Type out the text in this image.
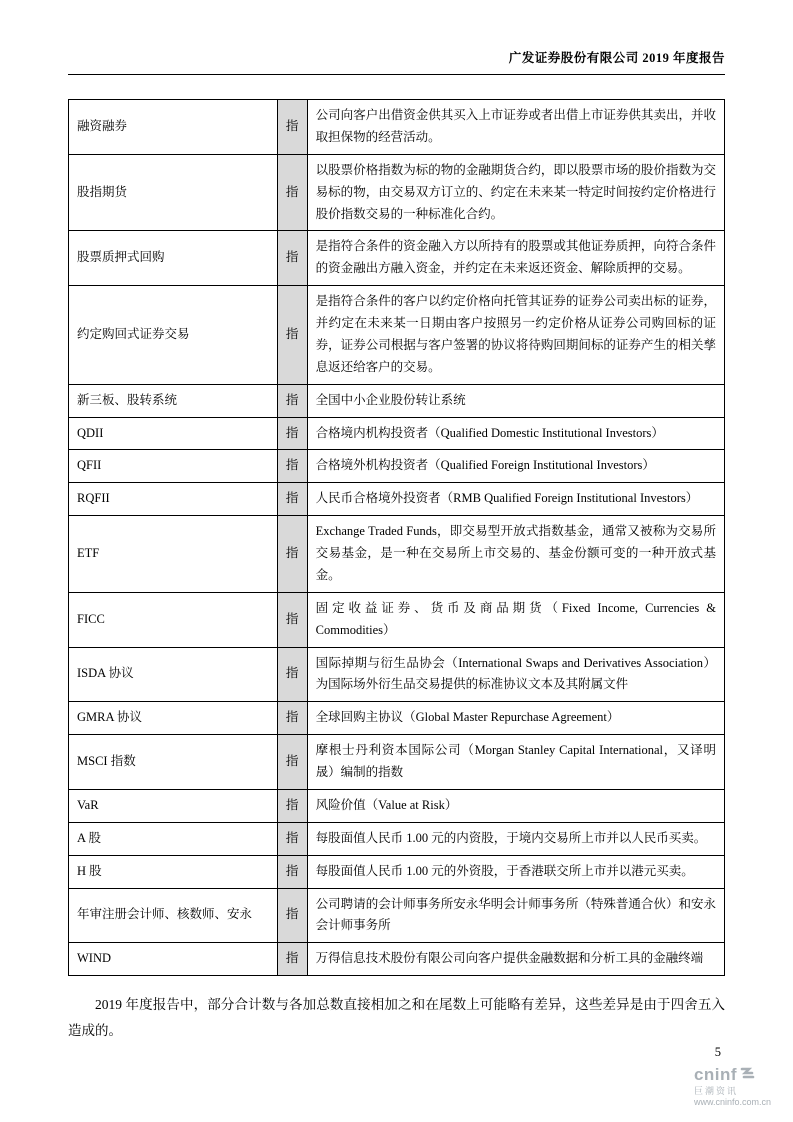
广发证券股份有限公司 2019 年度报告
融资融券	指	公司向客户出借资金供其买入上市证券或者出借上市证券供其卖出，并收取担保物的经营活动。
股指期货	指	以股票价格指数为标的物的金融期货合约，即以股票市场的股价指数为交易标的物，由交易双方订立的、约定在未来某一特定时间按约定价格进行股价指数交易的一种标准化合约。
股票质押式回购	指	是指符合条件的资金融入方以所持有的股票或其他证券质押，向符合条件的资金融出方融入资金，并约定在未来返还资金、解除质押的交易。
约定购回式证券交易	指	是指符合条件的客户以约定价格向托管其证券的证券公司卖出标的证券，并约定在未来某一日期由客户按照另一约定价格从证券公司购回标的证券，证券公司根据与客户签署的协议将待购回期间标的证券产生的相关孳息返还给客户的交易。
新三板、股转系统	指	全国中小企业股份转让系统
QDII	指	合格境内机构投资者（Qualified Domestic Institutional Investors）
QFII	指	合格境外机构投资者（Qualified Foreign Institutional Investors）
RQFII	指	人民币合格境外投资者（RMB Qualified Foreign Institutional Investors）
ETF	指	Exchange Traded Funds，即交易型开放式指数基金，通常又被称为交易所交易基金，是一种在交易所上市交易的、基金份额可变的一种开放式基金。
FICC	指	固定收益证券、货币及商品期货（Fixed Income, Currencies & Commodities）
ISDA 协议	指	国际掉期与衍生品协会（International Swaps and Derivatives Association）为国际场外衍生品交易提供的标准协议文本及其附属文件
GMRA 协议	指	全球回购主协议（Global Master Repurchase Agreement）
MSCI 指数	指	摩根士丹利资本国际公司（Morgan Stanley Capital International，又译明晟）编制的指数
VaR	指	风险价值（Value at Risk）
A 股	指	每股面值人民币 1.00 元的内资股，于境内交易所上市并以人民币买卖。
H 股	指	每股面值人民币 1.00 元的外资股，于香港联交所上市并以港元买卖。
年审注册会计师、核数师、安永	指	公司聘请的会计师事务所安永华明会计师事务所（特殊普通合伙）和安永会计师事务所
WIND	指	万得信息技术股份有限公司向客户提供金融数据和分析工具的金融终端

2019 年度报告中，部分合计数与各加总数直接相加之和在尾数上可能略有差异，这些差异是由于四舍五入造成的。

5
cninf
巨潮资讯
www.cninfo.com.cn
